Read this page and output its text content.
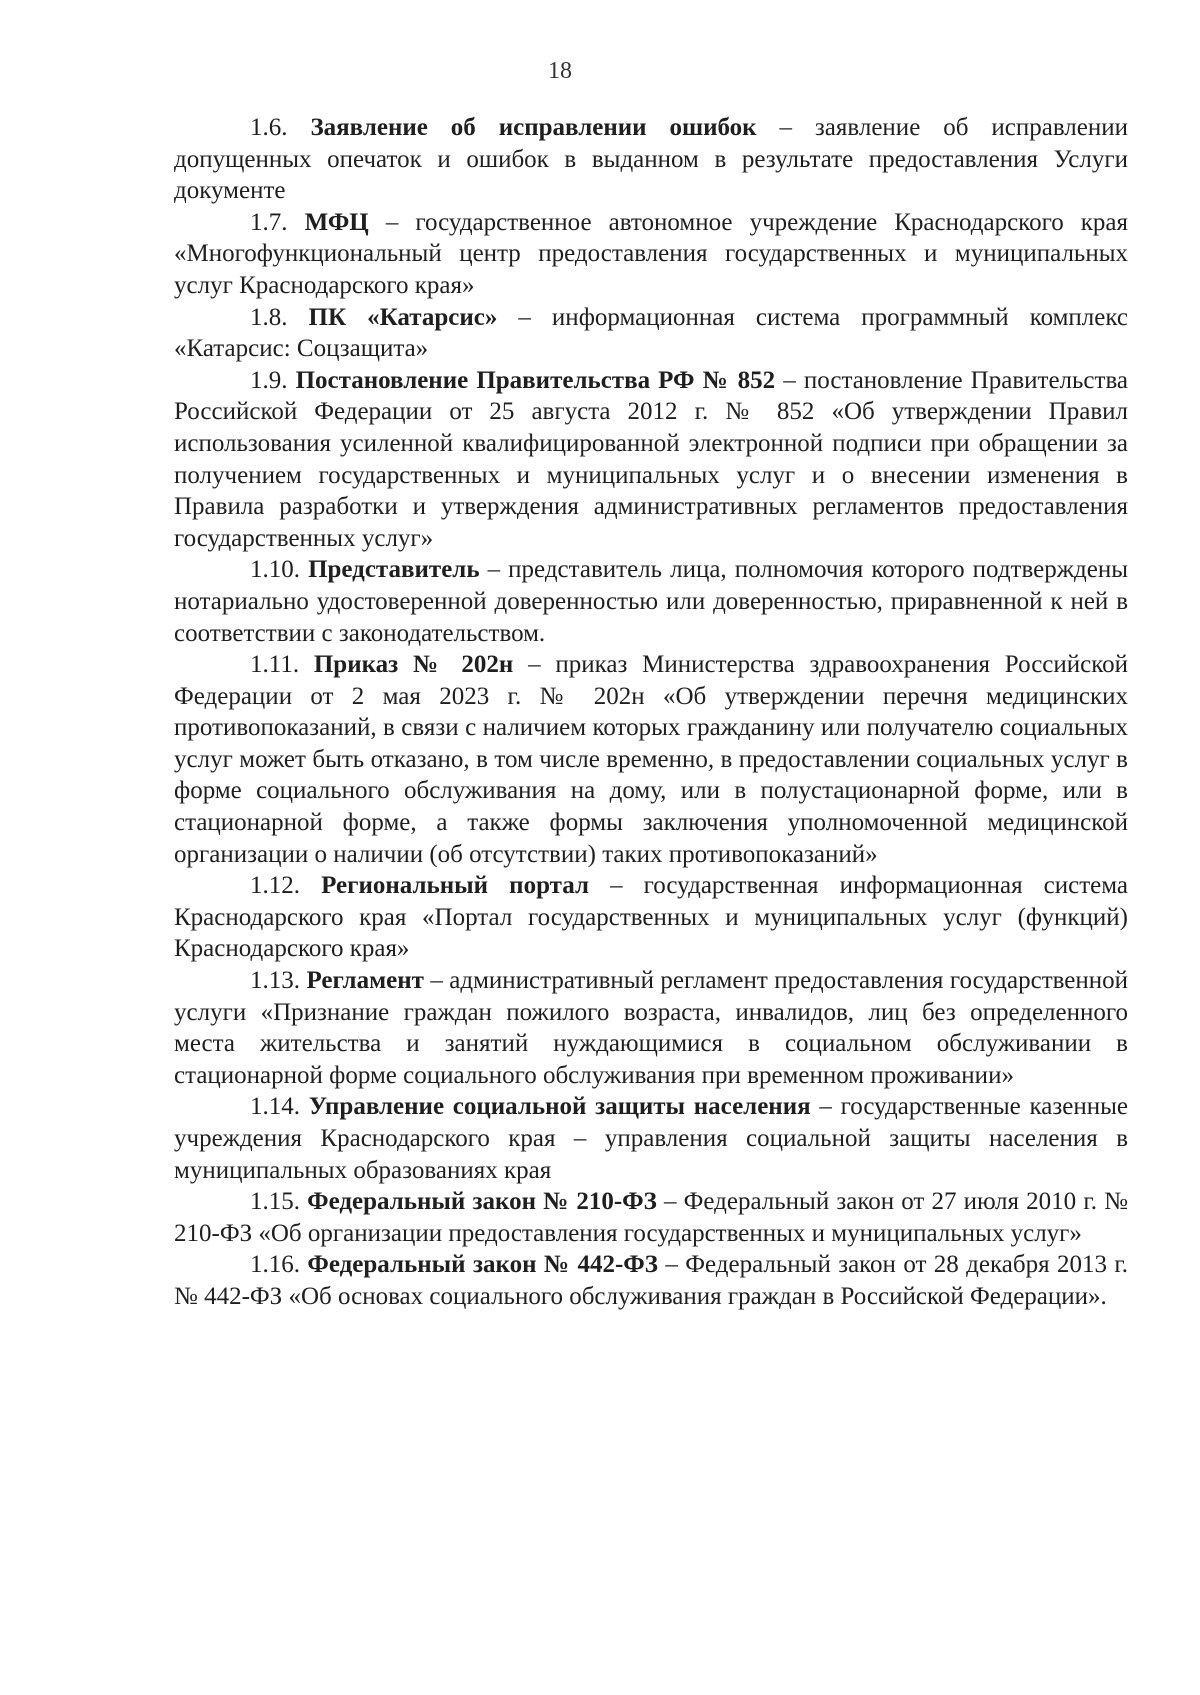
18

1.6. Заявление об исправлении ошибок – заявление об исправлении допущенных опечаток и ошибок в выданном в результате предоставления Услуги документе

1.7. МФЦ – государственное автономное учреждение Краснодарского края «Многофункциональный центр предоставления государственных и муниципальных услуг Краснодарского края»

1.8. ПК «Катарсис» – информационная система программный комплекс «Катарсис: Соцзащита»

1.9. Постановление Правительства РФ № 852 – постановление Правительства Российской Федерации от 25 августа 2012 г. № 852 «Об утверждении Правил использования усиленной квалифицированной электронной подписи при обращении за получением государственных и муниципальных услуг и о внесении изменения в Правила разработки и утверждения административных регламентов предоставления государственных услуг»

1.10. Представитель – представитель лица, полномочия которого подтверждены нотариально удостоверенной доверенностью или доверенностью, приравненной к ней в соответствии с законодательством.

1.11. Приказ № 202н – приказ Министерства здравоохранения Российской Федерации от 2 мая 2023 г. № 202н «Об утверждении перечня медицинских противопоказаний, в связи с наличием которых гражданину или получателю социальных услуг может быть отказано, в том числе временно, в предоставлении социальных услуг в форме социального обслуживания на дому, или в полустационарной форме, или в стационарной форме, а также формы заключения уполномоченной медицинской организации о наличии (об отсутствии) таких противопоказаний»

1.12. Региональный портал – государственная информационная система Краснодарского края «Портал государственных и муниципальных услуг (функций) Краснодарского края»

1.13. Регламент – административный регламент предоставления государственной услуги «Признание граждан пожилого возраста, инвалидов, лиц без определенного места жительства и занятий нуждающимися в социальном обслуживании в стационарной форме социального обслуживания при временном проживании»

1.14. Управление социальной защиты населения – государственные казенные учреждения Краснодарского края – управления социальной защиты населения в муниципальных образованиях края

1.15. Федеральный закон № 210-ФЗ – Федеральный закон от 27 июля 2010 г. № 210-ФЗ «Об организации предоставления государственных и муниципальных услуг»

1.16. Федеральный закон № 442-ФЗ – Федеральный закон от 28 декабря 2013 г. № 442-ФЗ «Об основах социального обслуживания граждан в Российской Федерации».
